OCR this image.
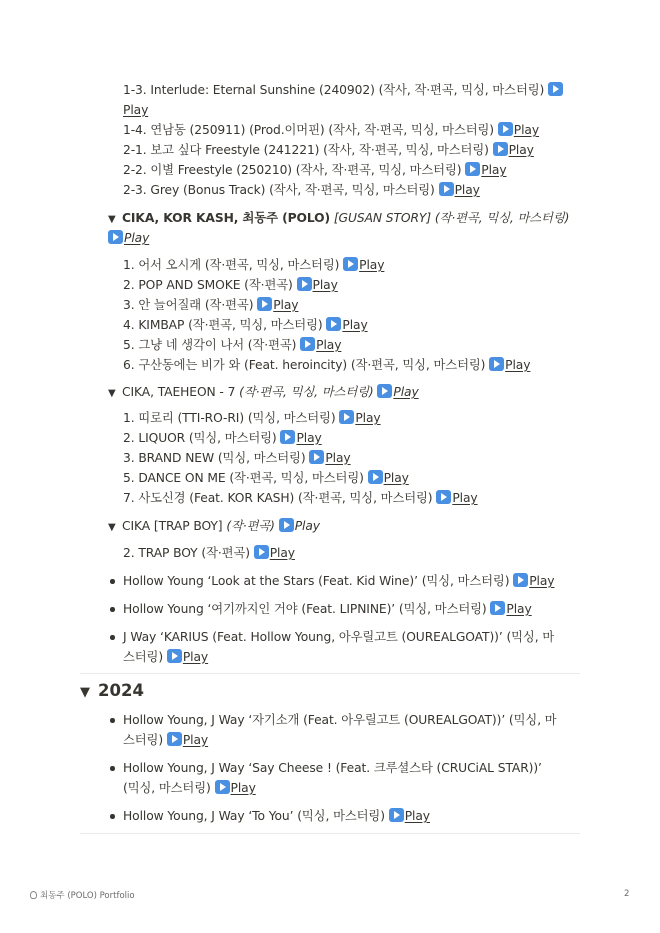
1-3. Interlude: Eternal Sunshine (240902) (작사, 작·편곡, 믹싱, 마스터링)
Play
1-4. 연남동 (250911) (Prod.이머핀) (작사, 작·편곡, 믹싱, 마스터링) Play
2-1. 보고 싶다 Freestyle (241221) (작사, 작·편곡, 믹싱, 마스터링) Play
2-2. 이별 Freestyle (250210) (작사, 작·편곡, 믹싱, 마스터링) Play
2-3. Grey (Bonus Track) (작사, 작·편곡, 믹싱, 마스터링) Play
▼ CIKA, KOR KASH, 최동주 (POLO) [GUSAN STORY] (작·편곡, 믹싱, 마스터링)
Play
1. 어서 오시게 (작·편곡, 믹싱, 마스터링) Play
2. POP AND SMOKE (작·편곡) Play
3. 안 늘어질래 (작·편곡) Play
4. KIMBAP (작·편곡, 믹싱, 마스터링) Play
5. 그냥 네 생각이 나서 (작·편곡) Play
6. 구산동에는 비가 와 (Feat. heroincity) (작·편곡, 믹싱, 마스터링) Play
▼ CIKA, TAEHEON - 7 (작·편곡, 믹싱, 마스터링) Play
1. 띠로리 (TTI-RO-RI) (믹싱, 마스터링) Play
2. LIQUOR (믹싱, 마스터링) Play
3. BRAND NEW (믹싱, 마스터링) Play
5. DANCE ON ME (작·편곡, 믹싱, 마스터링) Play
7. 사도신경 (Feat. KOR KASH) (작·편곡, 믹싱, 마스터링) Play
▼ CIKA [TRAP BOY] (작·편곡) Play
2. TRAP BOY (작·편곡) Play
Hollow Young ‘Look at the Stars (Feat. Kid Wine)’ (믹싱, 마스터링) Play
Hollow Young ‘여기까지인 거야 (Feat. LIPNINE)’ (믹싱, 마스터링) Play
J Way ‘KARIUS (Feat. Hollow Young, 아우릴고트 (OUREALGOAT))’ (믹싱, 마
스터링) Play
▼ 2024
Hollow Young, J Way ‘자기소개 (Feat. 아우릴고트 (OUREALGOAT))’ (믹싱, 마
스터링) Play
Hollow Young, J Way ‘Say Cheese ! (Feat. 크루셜스타 (CRUCiAL STAR))’
(믹싱, 마스터링) Play
Hollow Young, J Way ‘To You’ (믹싱, 마스터링) Play
최동주 (POLO) Portfolio	2
